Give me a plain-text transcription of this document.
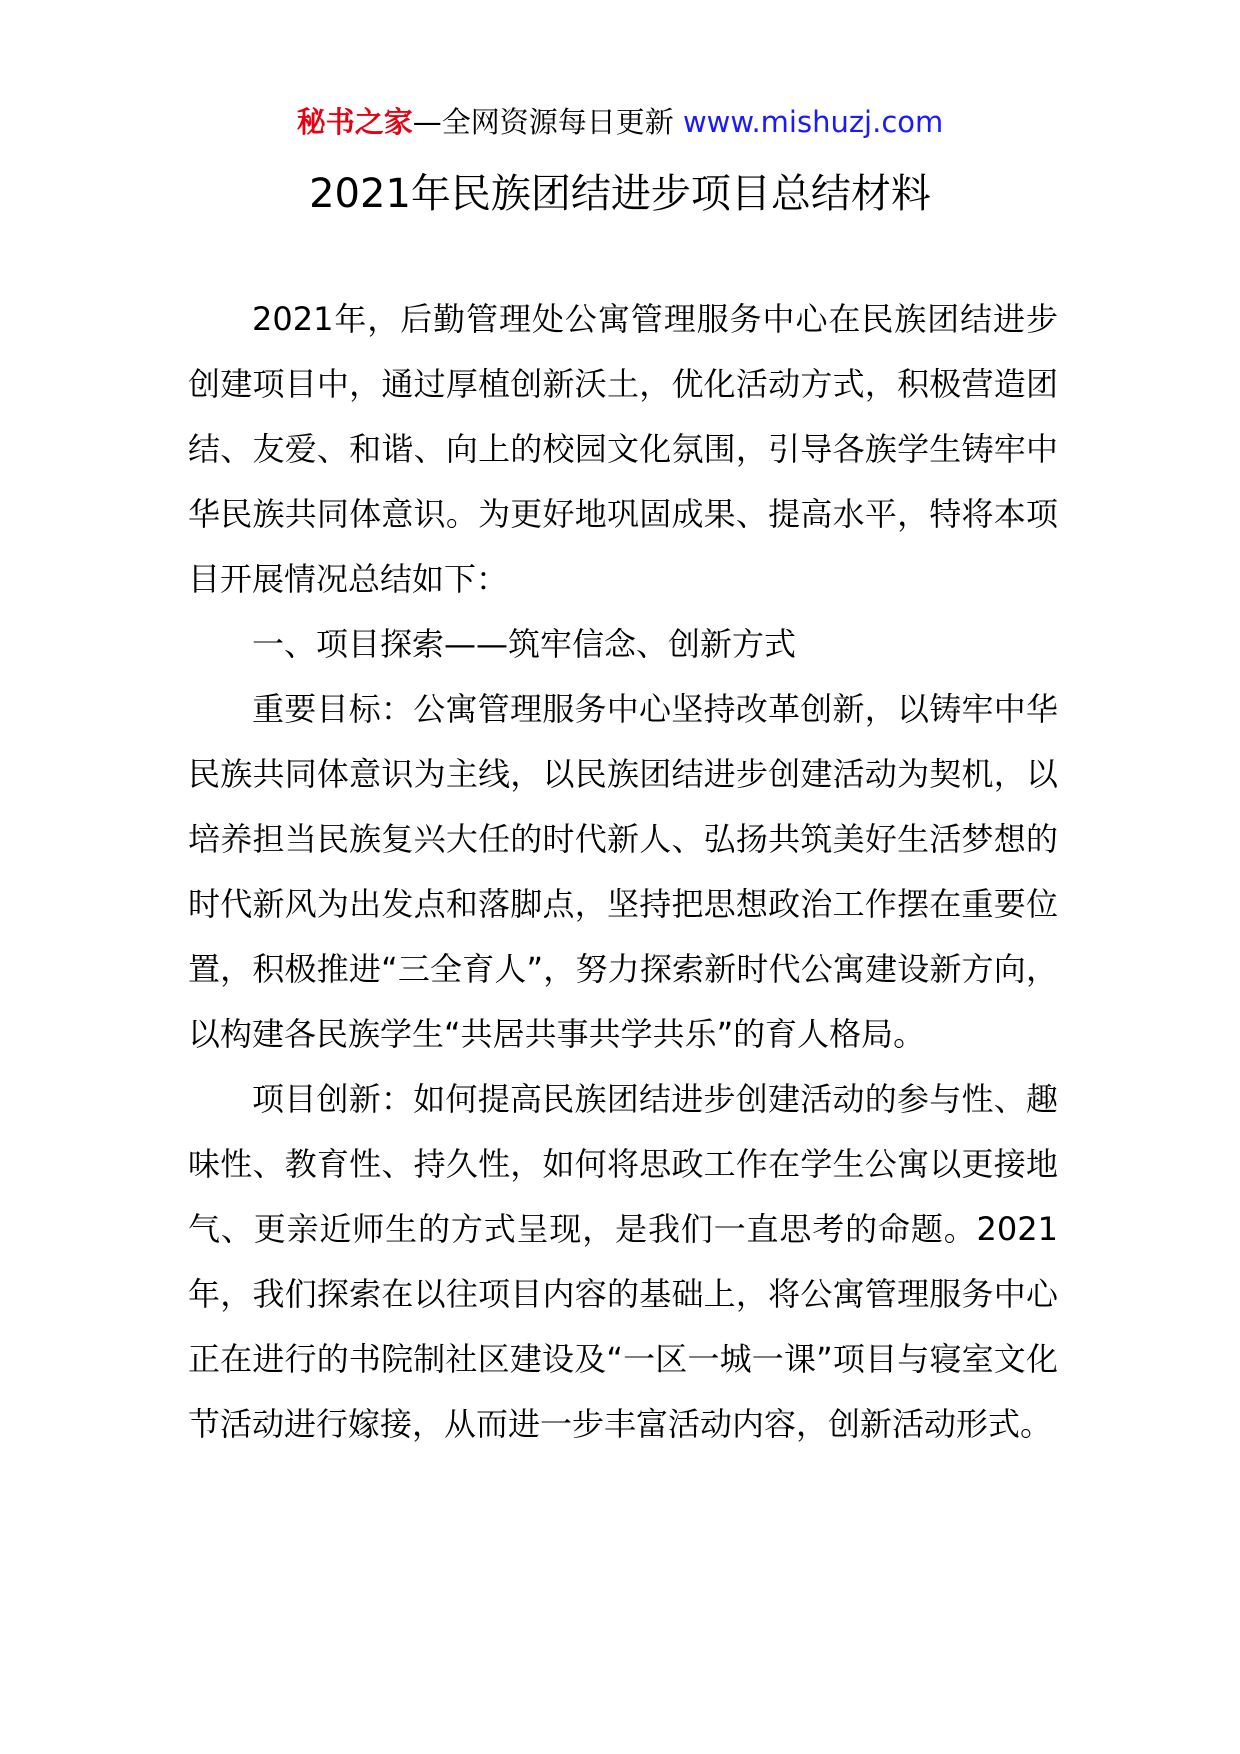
秘书之家—全网资源每日更新 www.mishuzj.com
2021年民族团结进步项目总结材料

2021年，后勤管理处公寓管理服务中心在民族团结进步创建项目中，通过厚植创新沃土，优化活动方式，积极营造团结、友爱、和谐、向上的校园文化氛围，引导各族学生铸牢中华民族共同体意识。为更好地巩固成果、提高水平，特将本项目开展情况总结如下：

一、项目探索——筑牢信念、创新方式

重要目标：公寓管理服务中心坚持改革创新，以铸牢中华民族共同体意识为主线，以民族团结进步创建活动为契机，以培养担当民族复兴大任的时代新人、弘扬共筑美好生活梦想的时代新风为出发点和落脚点，坚持把思想政治工作摆在重要位置，积极推进“三全育人”，努力探索新时代公寓建设新方向，以构建各民族学生“共居共事共学共乐”的育人格局。

项目创新：如何提高民族团结进步创建活动的参与性、趣味性、教育性、持久性，如何将思政工作在学生公寓以更接地气、更亲近师生的方式呈现，是我们一直思考的命题。2021年，我们探索在以往项目内容的基础上，将公寓管理服务中心正在进行的书院制社区建设及“一区一城一课”项目与寝室文化节活动进行嫁接，从而进一步丰富活动内容，创新活动形式。
